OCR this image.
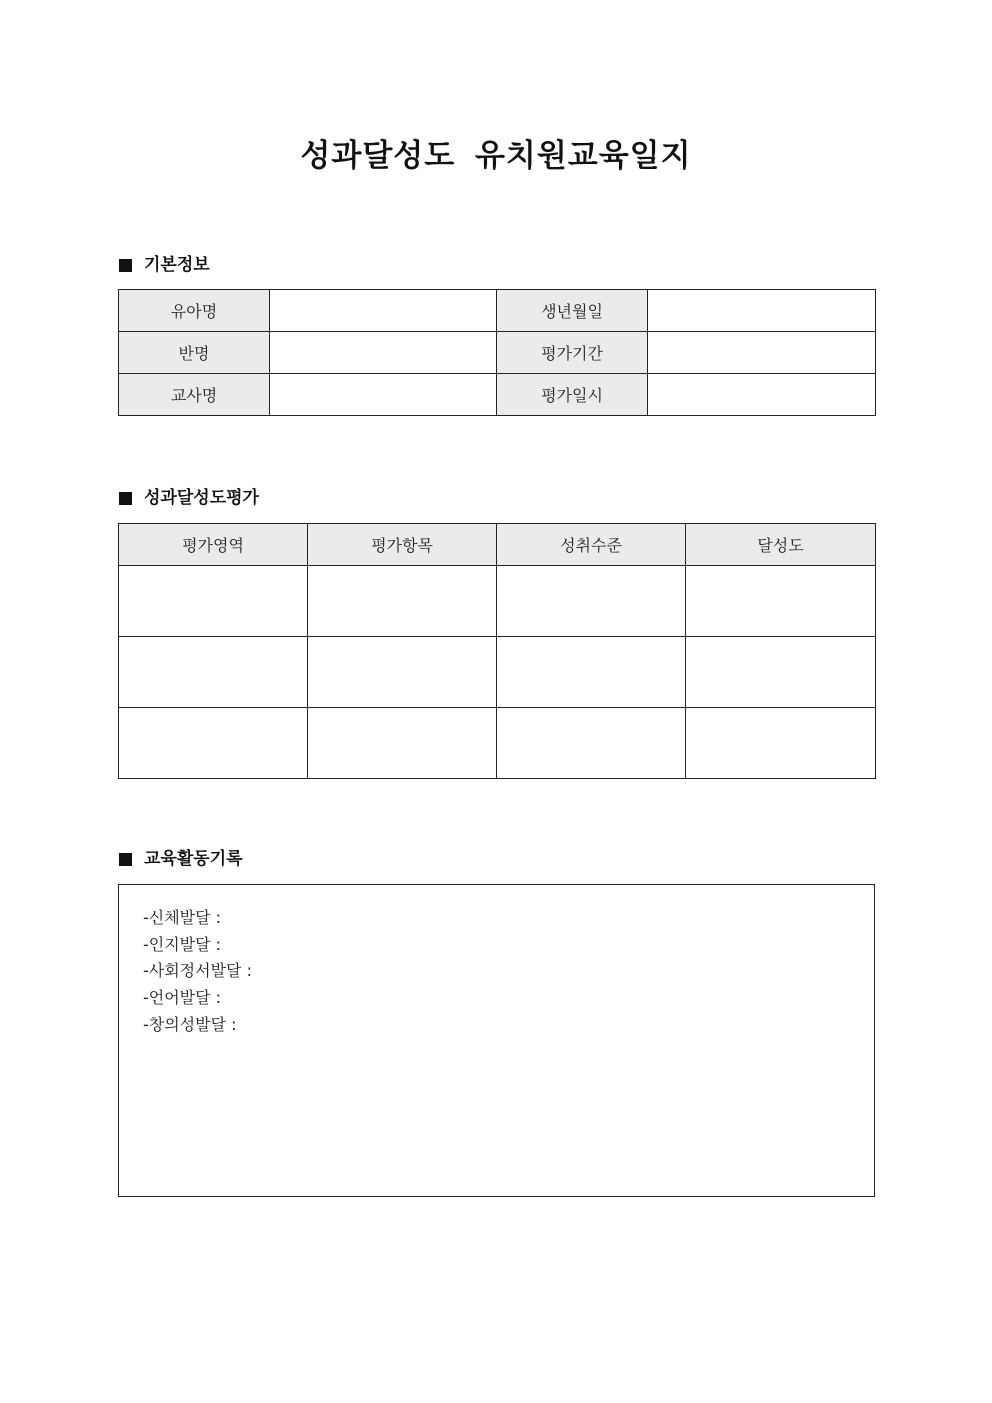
성과달성도 유치원교육일지
기본정보
유아명		생년월일	
반명		평가기간	
교사명		평가일시	
성과달성도평가
평가영역	평가항목	성취수준	달성도

교육활동기록
-신체발달 :
-인지발달 :
-사회정서발달 :
-언어발달 :
-창의성발달 :
